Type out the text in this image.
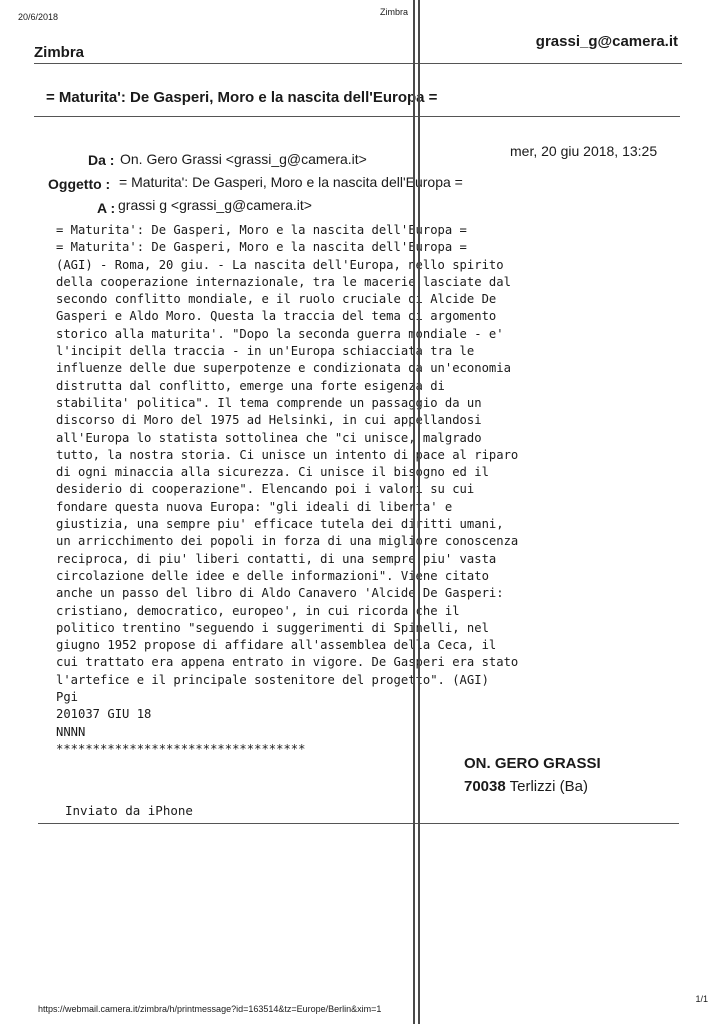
20/6/2018	Zimbra
Zimbra
grassi_g@camera.it
= Maturita': De Gasperi, Moro e la nascita dell'Europa =
Da : On. Gero Grassi <grassi_g@camera.it>	mer, 20 giu 2018, 13:25
Oggetto : = Maturita': De Gasperi, Moro e la nascita dell'Europa =
A : grassi g <grassi_g@camera.it>
= Maturita': De Gasperi, Moro e la nascita dell'Europa =
= Maturita': De Gasperi, Moro e la nascita dell'Europa =
(AGI) - Roma, 20 giu. - La nascita dell'Europa, nello spirito
della cooperazione internazionale, tra le macerie lasciate dal
secondo conflitto mondiale, e il ruolo cruciale di Alcide De
Gasperi e Aldo Moro. Questa la traccia del tema di argomento
storico alla maturita'. "Dopo la seconda guerra mondiale - e'
l'incipit della traccia - in un'Europa schiacciata tra le
influenze delle due superpotenze e condizionata da un'economia
distrutta dal conflitto, emerge una forte esigenza di
stabilita' politica". Il tema comprende un passaggio da un
discorso di Moro del 1975 ad Helsinki, in cui appellandosi
all'Europa lo statista sottolinea che "ci unisce, malgrado
tutto, la nostra storia. Ci unisce un intento di pace al riparo
di ogni minaccia alla sicurezza. Ci unisce il bisogno ed il
desiderio di cooperazione". Elencando poi i valori su cui
fondare questa nuova Europa: "gli ideali di liberta' e
giustizia, una sempre piu' efficace tutela dei diritti umani,
un arricchimento dei popoli in forza di una migliore conoscenza
reciproca, di piu' liberi contatti, di una sempre piu' vasta
circolazione delle idee e delle informazioni". Viene citato
anche un passo del libro di Aldo Canavero 'Alcide De Gasperi:
cristiano, democratico, europeo', in cui ricorda che il
politico trentino "seguendo i suggerimenti di Spinelli, nel
giugno 1952 propose di affidare all'assemblea della Ceca, il
cui trattato era appena entrato in vigore. De Gasperi era stato
l'artefice e il principale sostenitore del progetto". (AGI)
Pgi
201037 GIU 18
NNNN
**********************************
ON. GERO GRASSI
70038 Terlizzi (Ba)
Inviato da iPhone
https://webmail.camera.it/zimbra/h/printmessage?id=163514&tz=Europe/Berlin&xim=1
1/1
